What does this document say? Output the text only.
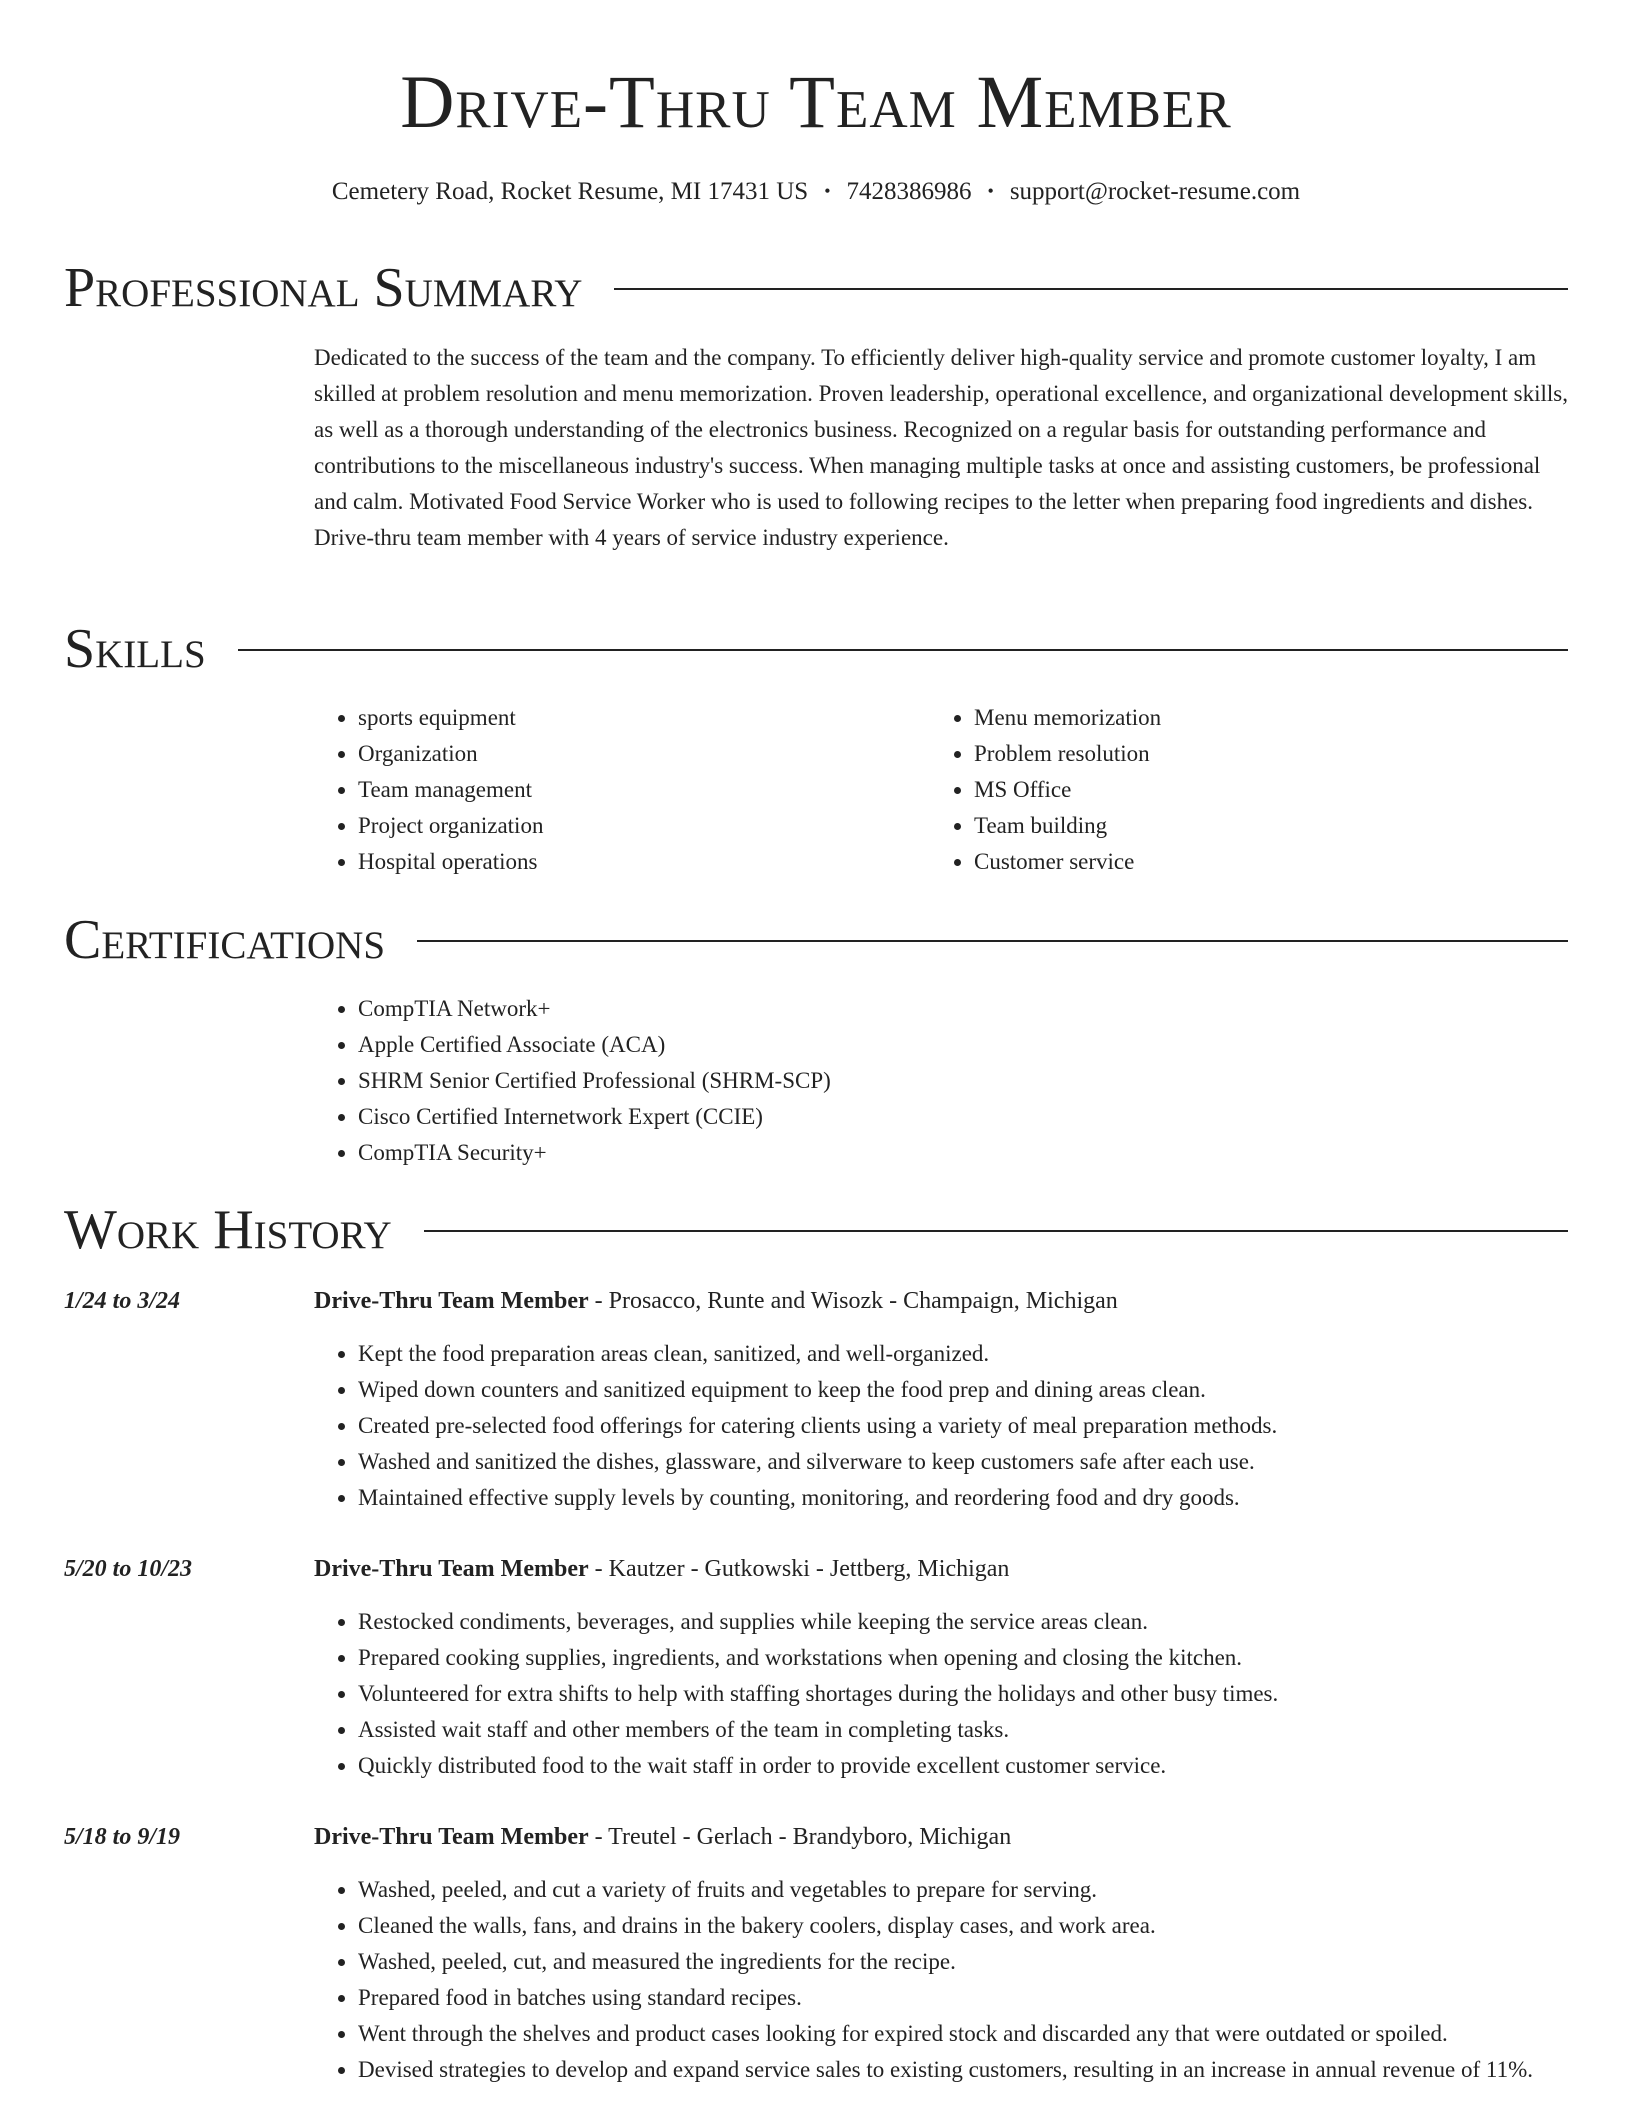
Drive-Thru Team Member
Cemetery Road, Rocket Resume, MI 17431 US • 7428386986 • support@rocket-resume.com
Professional Summary

Dedicated to the success of the team and the company. To efficiently deliver high-quality service and promote customer loyalty, I am skilled at problem resolution and menu memorization. Proven leadership, operational excellence, and organizational development skills, as well as a thorough understanding of the electronics business. Recognized on a regular basis for outstanding performance and contributions to the miscellaneous industry's success. When managing multiple tasks at once and assisting customers, be professional and calm. Motivated Food Service Worker who is used to following recipes to the letter when preparing food ingredients and dishes. Drive-thru team member with 4 years of service industry experience.

Skills
• sports equipment
• Organization
• Team management
• Project organization
• Hospital operations
• Menu memorization
• Problem resolution
• MS Office
• Team building
• Customer service
Certifications
• CompTIA Network+
• Apple Certified Associate (ACA)
• SHRM Senior Certified Professional (SHRM-SCP)
• Cisco Certified Internetwork Expert (CCIE)
• CompTIA Security+
Work History
1/24 to 3/24	Drive-Thru Team Member - Prosacco, Runte and Wisozk - Champaign, Michigan
• Kept the food preparation areas clean, sanitized, and well-organized.
• Wiped down counters and sanitized equipment to keep the food prep and dining areas clean.
• Created pre-selected food offerings for catering clients using a variety of meal preparation methods.
• Washed and sanitized the dishes, glassware, and silverware to keep customers safe after each use.
• Maintained effective supply levels by counting, monitoring, and reordering food and dry goods.
5/20 to 10/23	Drive-Thru Team Member - Kautzer - Gutkowski - Jettberg, Michigan
• Restocked condiments, beverages, and supplies while keeping the service areas clean.
• Prepared cooking supplies, ingredients, and workstations when opening and closing the kitchen.
• Volunteered for extra shifts to help with staffing shortages during the holidays and other busy times.
• Assisted wait staff and other members of the team in completing tasks.
• Quickly distributed food to the wait staff in order to provide excellent customer service.
5/18 to 9/19	Drive-Thru Team Member - Treutel - Gerlach - Brandyboro, Michigan
• Washed, peeled, and cut a variety of fruits and vegetables to prepare for serving.
• Cleaned the walls, fans, and drains in the bakery coolers, display cases, and work area.
• Washed, peeled, cut, and measured the ingredients for the recipe.
• Prepared food in batches using standard recipes.
• Went through the shelves and product cases looking for expired stock and discarded any that were outdated or spoiled.
• Devised strategies to develop and expand service sales to existing customers, resulting in an increase in annual revenue of 11%.
